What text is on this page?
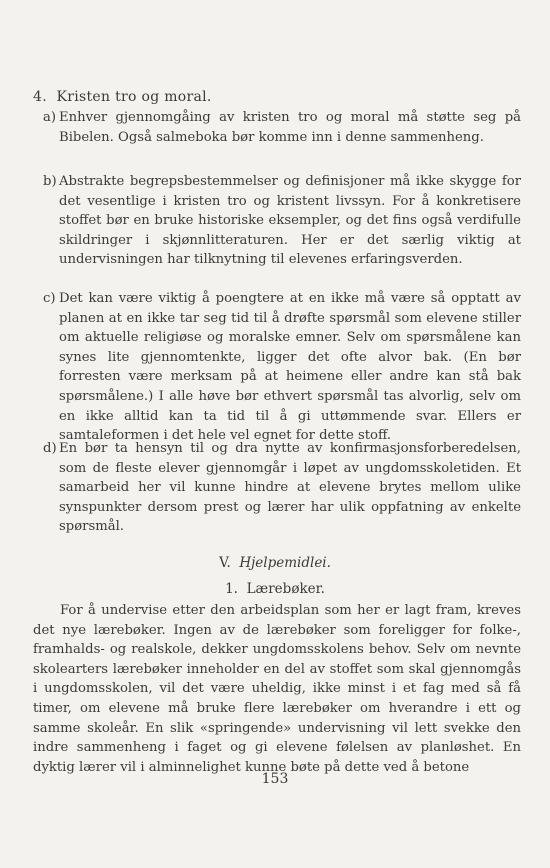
4. Kristen tro og moral.
a) Enhver gjennomgåing av kristen tro og moral må støtte seg på Bibelen. Også salmeboka bør komme inn i denne sammenheng.

b) Abstrakte begrepsbestemmelser og definisjoner må ikke skygge for det vesentlige i kristen tro og kristent livssyn. For å konkretisere stoffet bør en bruke historiske eksempler, og det fins også verdifulle skildringer i skjønnlitteraturen. Her er det særlig viktig at undervisningen har tilknytning til elevenes erfaringsverden.

c) Det kan være viktig å poengtere at en ikke må være så opptatt av planen at en ikke tar seg tid til å drøfte spørsmål som elevene stiller om aktuelle religiøse og moralske emner. Selv om spørsmålene kan synes lite gjennomtenkte, ligger det ofte alvor bak. (En bør forresten være merksam på at heimene eller andre kan stå bak spørsmålene.) I alle høve bør ethvert spørsmål tas alvorlig, selv om en ikke alltid kan ta tid til å gi uttømmende svar. Ellers er samtaleformen i det hele vel egnet for dette stoff.

d) En bør ta hensyn til og dra nytte av konfirmasjonsforberedelsen, som de fleste elever gjennomgår i løpet av ungdomsskoletiden. Et samarbeid her vil kunne hindre at elevene brytes mellom ulike synspunkter dersom prest og lærer har ulik oppfatning av enkelte spørsmål.

V. Hjelpemidlei.
1. Lærebøker.

For å undervise etter den arbeidsplan som her er lagt fram, kreves det nye lærebøker. Ingen av de lærebøker som foreligger for folke-, framhalds- og realskole, dekker ungdomsskolens behov. Selv om nevnte skolearters lærebøker inneholder en del av stoffet som skal gjennomgås i ungdomsskolen, vil det være uheldig, ikke minst i et fag med så få timer, om elevene må bruke flere lærebøker om hverandre i ett og samme skoleår. En slik «springende» undervisning vil lett svekke den indre sammenheng i faget og gi elevene følelsen av planløshet. En dyktig lærer vil i alminnelighet kunne bøte på dette ved å betone

153
